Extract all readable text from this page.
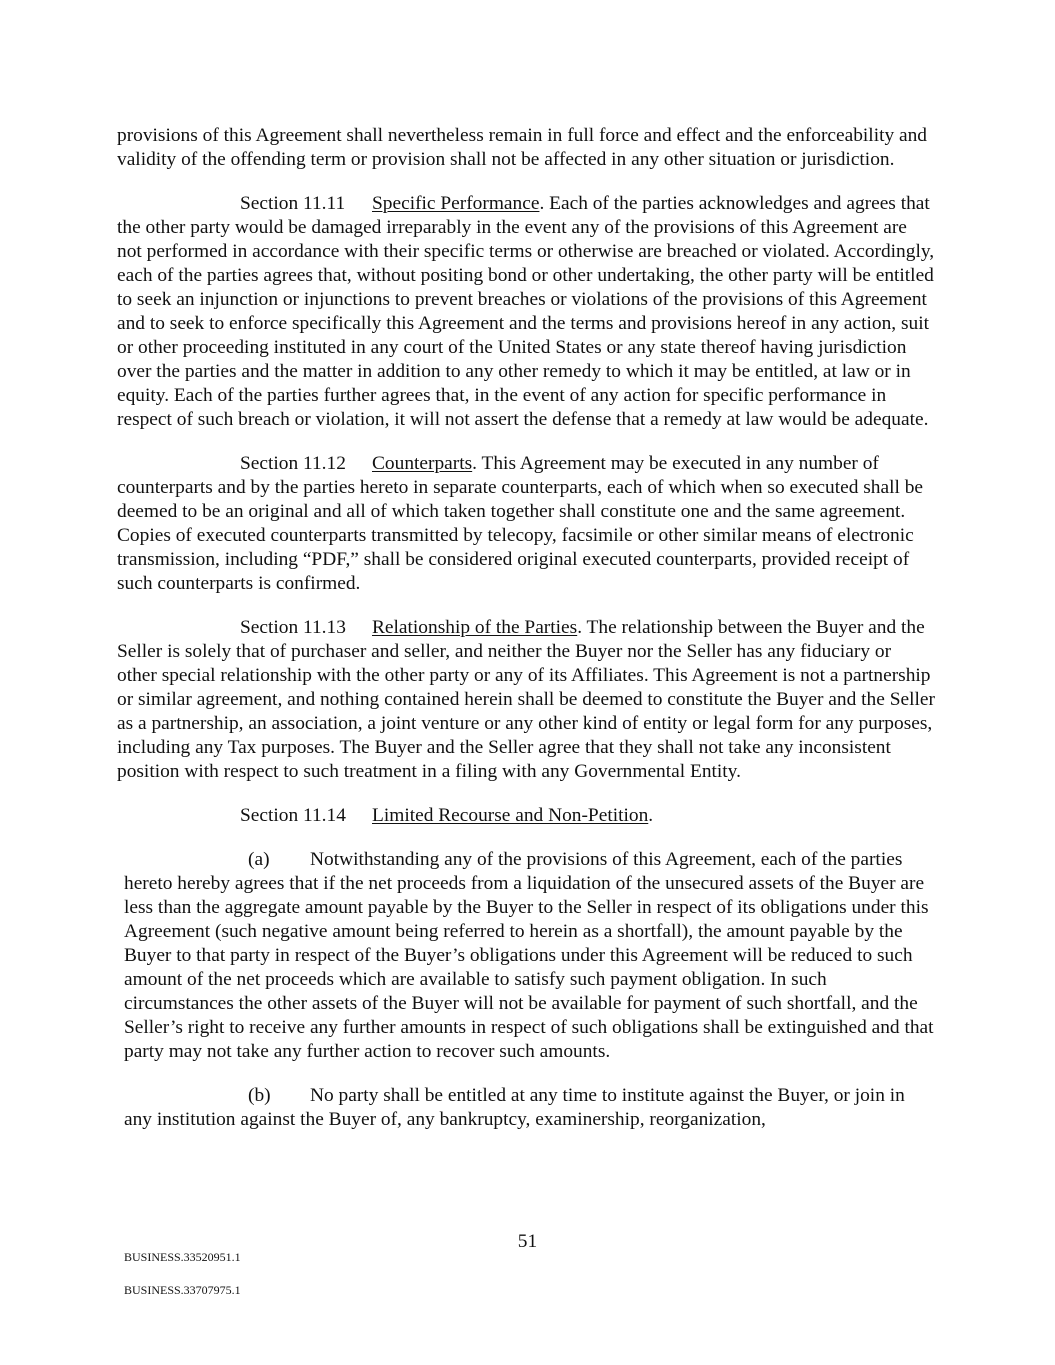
provisions of this Agreement shall nevertheless remain in full force and effect and the enforceability and validity of the offending term or provision shall not be affected in any other situation or jurisdiction.

Section 11.11 Specific Performance. Each of the parties acknowledges and agrees that the other party would be damaged irreparably in the event any of the provisions of this Agreement are not performed in accordance with their specific terms or otherwise are breached or violated. Accordingly, each of the parties agrees that, without positing bond or other undertaking, the other party will be entitled to seek an injunction or injunctions to prevent breaches or violations of the provisions of this Agreement and to seek to enforce specifically this Agreement and the terms and provisions hereof in any action, suit or other proceeding instituted in any court of the United States or any state thereof having jurisdiction over the parties and the matter in addition to any other remedy to which it may be entitled, at law or in equity. Each of the parties further agrees that, in the event of any action for specific performance in respect of such breach or violation, it will not assert the defense that a remedy at law would be adequate.

Section 11.12 Counterparts. This Agreement may be executed in any number of counterparts and by the parties hereto in separate counterparts, each of which when so executed shall be deemed to be an original and all of which taken together shall constitute one and the same agreement. Copies of executed counterparts transmitted by telecopy, facsimile or other similar means of electronic transmission, including “PDF,” shall be considered original executed counterparts, provided receipt of such counterparts is confirmed.

Section 11.13 Relationship of the Parties. The relationship between the Buyer and the Seller is solely that of purchaser and seller, and neither the Buyer nor the Seller has any fiduciary or other special relationship with the other party or any of its Affiliates. This Agreement is not a partnership or similar agreement, and nothing contained herein shall be deemed to constitute the Buyer and the Seller as a partnership, an association, a joint venture or any other kind of entity or legal form for any purposes, including any Tax purposes. The Buyer and the Seller agree that they shall not take any inconsistent position with respect to such treatment in a filing with any Governmental Entity.

Section 11.14 Limited Recourse and Non-Petition.

(a) Notwithstanding any of the provisions of this Agreement, each of the parties hereto hereby agrees that if the net proceeds from a liquidation of the unsecured assets of the Buyer are less than the aggregate amount payable by the Buyer to the Seller in respect of its obligations under this Agreement (such negative amount being referred to herein as a shortfall), the amount payable by the Buyer to that party in respect of the Buyer’s obligations under this Agreement will be reduced to such amount of the net proceeds which are available to satisfy such payment obligation. In such circumstances the other assets of the Buyer will not be available for payment of such shortfall, and the Seller’s right to receive any further amounts in respect of such obligations shall be extinguished and that party may not take any further action to recover such amounts.

(b) No party shall be entitled at any time to institute against the Buyer, or join in any institution against the Buyer of, any bankruptcy, examinership, reorganization,

51
BUSINESS.33520951.1
BUSINESS.33707975.1
